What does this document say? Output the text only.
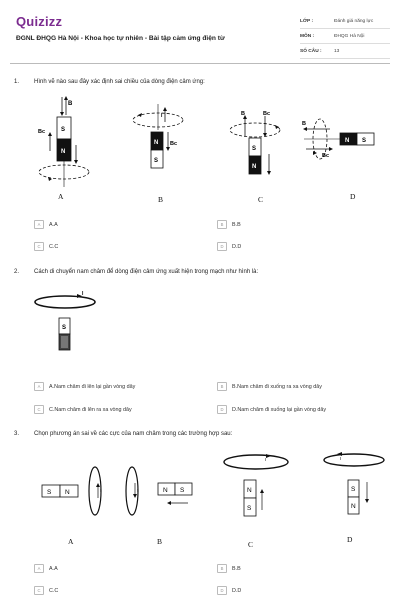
Quizizz
ĐGNL ĐHQG Hà Nội - Khoa học tự nhiên - Bài tập cảm ứng điện từ
LỚP :	Đánh giá năng lực
MÔN :	ĐHQG Hà Nội
SỐ CÂU :	13
1. Hình vẽ nào sau đây xác định sai chiều của dòng điện cảm ứng:
B
S
N
Bc
A
I
N
S
Bc
B
B	Bc
S
N
C
B
Bc
N S
D
A	A.A	B	B.B
C	C.C	D	D.D
2. Cách di chuyển nam châm để dòng điện cảm ứng xuất hiện trong mạch như hình là:
I
S
A	A.Nam châm đi lên lại gần vòng dây	B	B.Nam châm đi xuống ra xa vòng dây
C	C.Nam châm đi lên ra xa vòng dây	D	D.Nam châm đi xuống lại gần vòng dây
3. Chọn phương án sai về các cực của nam châm trong các trường hợp sau:
S N	I
A
I	N S
B
I
N
S
C
I
S
N
D
A	A.A	B	B.B
C	C.C	D	D.D
